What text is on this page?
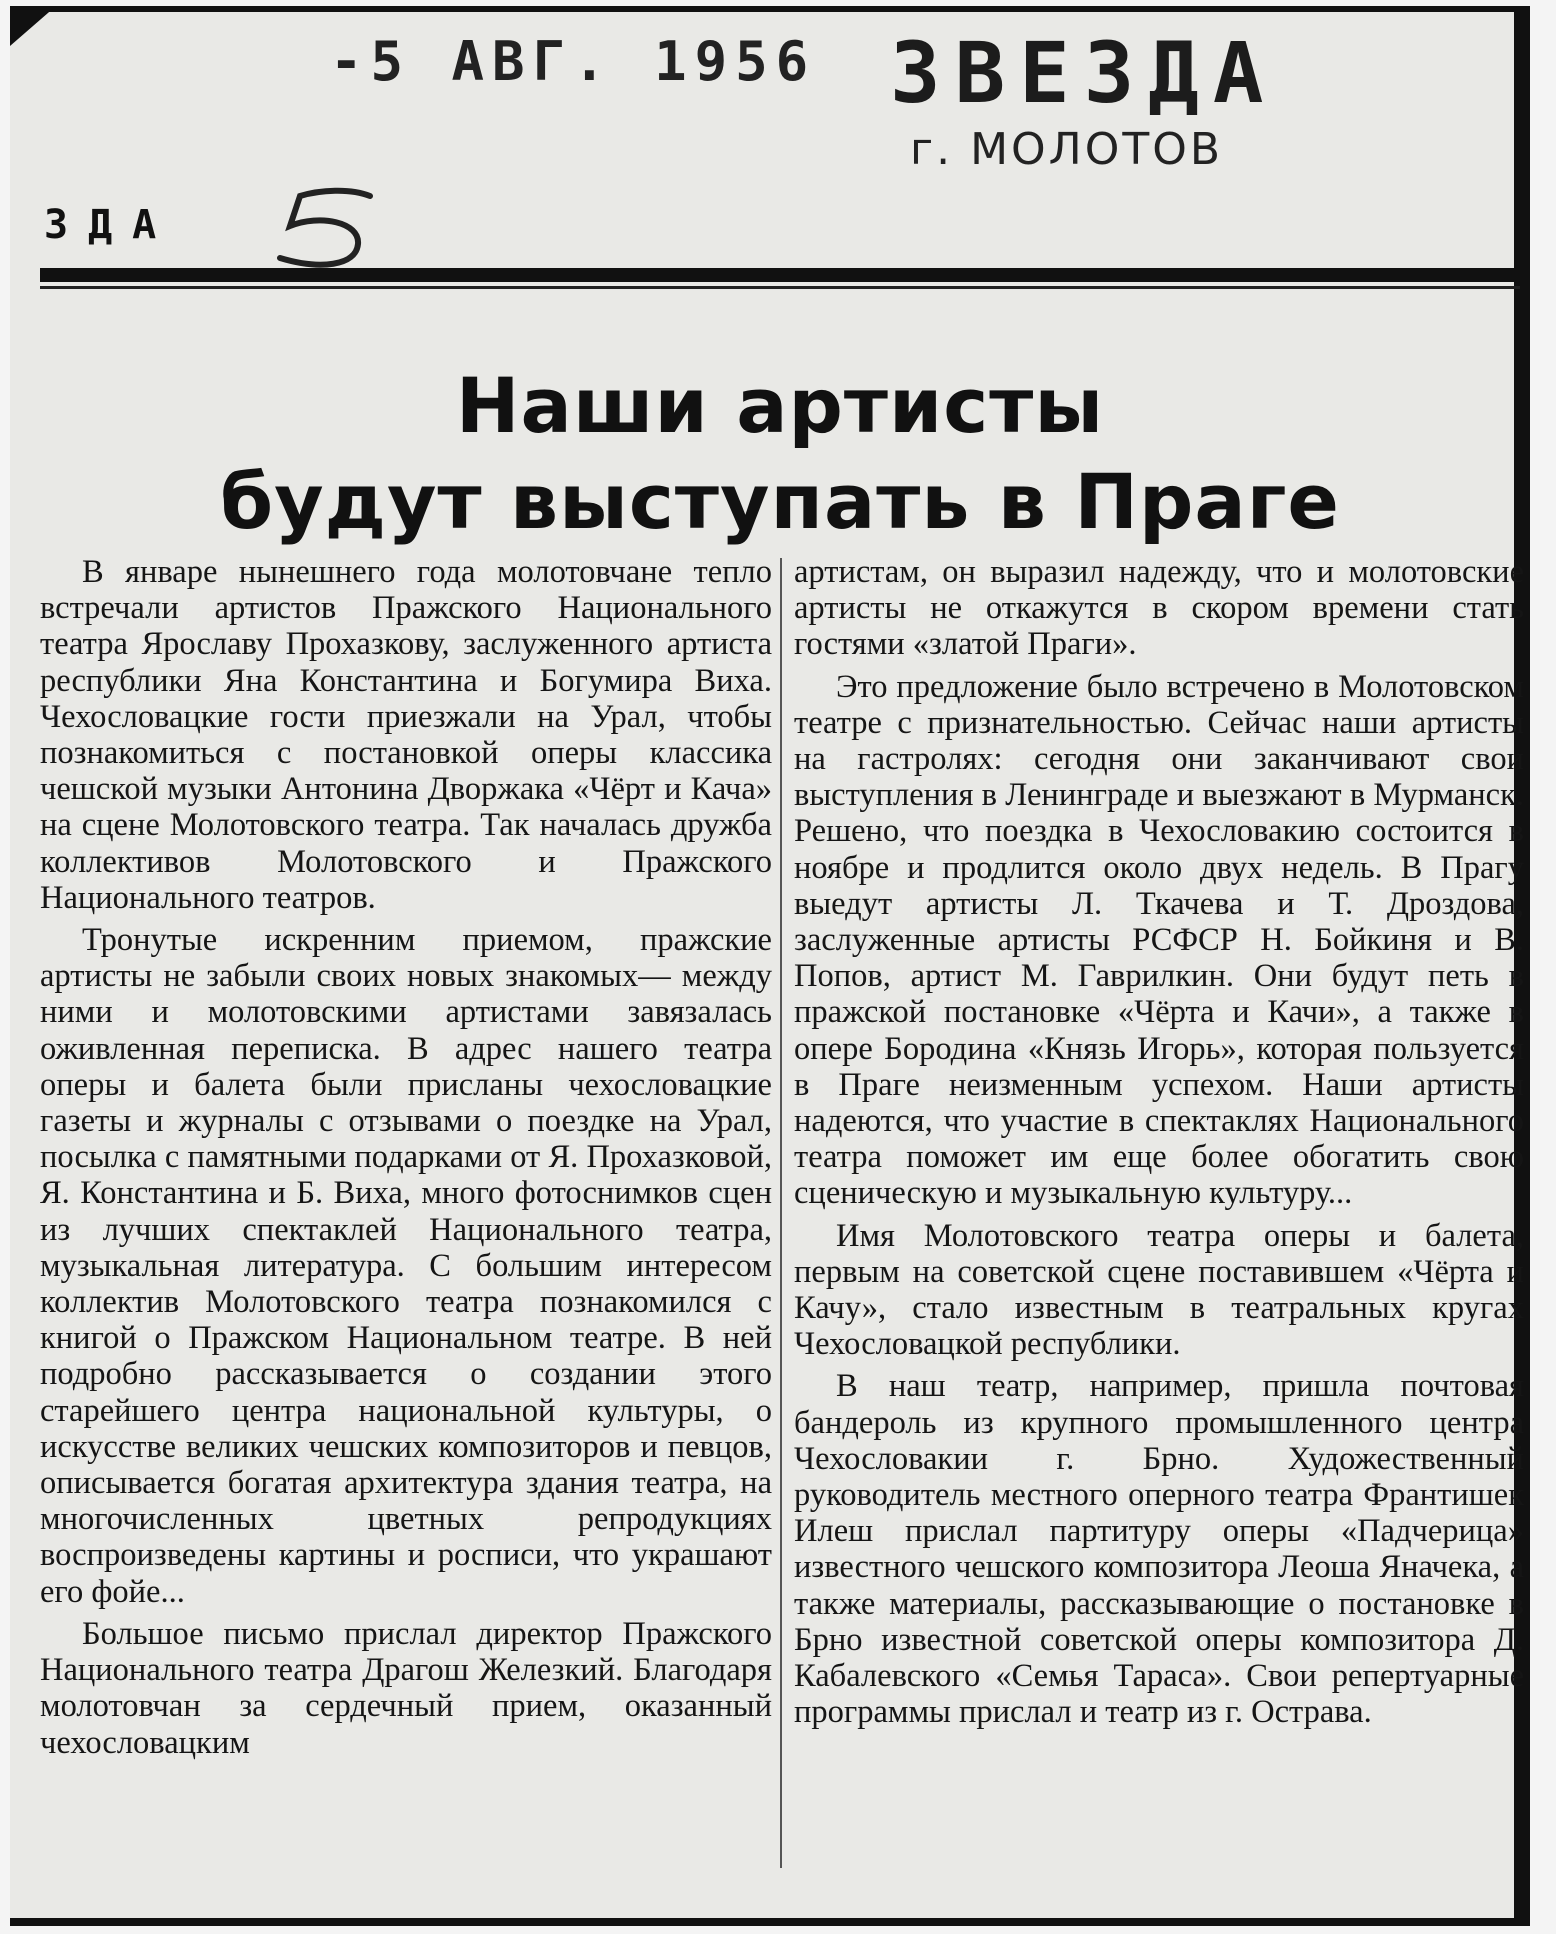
-5 АВГ. 1956 ЗВЕЗДА
г. МОЛОТОВ
ЗДА
Наши артисты
будут выступать в Праге

В январе нынешнего года молотовчане тепло встречали артистов Пражского Национального театра Ярославу Прохазкову, заслуженного артиста республики Яна Константина и Богумира Виха. Чехословацкие гости приезжали на Урал, чтобы познакомиться с постановкой оперы классика чешской музыки Антонина Дворжака «Чёрт и Кача» на сцене Молотовского театра. Так началась дружба коллективов Молотовского и Пражского Национального театров.

Тронутые искренним приемом, пражские артисты не забыли своих новых знакомых— между ними и молотовскими артистами завязалась оживленная переписка. В адрес нашего театра оперы и балета были присланы чехословацкие газеты и журналы с отзывами о поездке на Урал, посылка с памятными подарками от Я. Прохазковой, Я. Константина и Б. Виха, много фотоснимков сцен из лучших спектаклей Национального театра, музыкальная литература. С большим интересом коллектив Молотовского театра познакомился с книгой о Пражском Национальном театре. В ней подробно рассказывается о создании этого старейшего центра национальной культуры, о искусстве великих чешских композиторов и певцов, описывается богатая архитектура здания театра, на многочисленных цветных репродукциях воспроизведены картины и росписи, что украшают его фойе...

Большое письмо прислал директор Пражского Национального театра Драгош Железкий. Благодаря молотовчан за сердечный прием, оказанный чехословацким

артистам, он выразил надежду, что и молотовские артисты не откажутся в скором времени стать гостями «златой Праги».

Это предложение было встречено в Молотовском театре с признательностью. Сейчас наши артисты на гастролях: сегодня они заканчивают свои выступления в Ленинграде и выезжают в Мурманск. Решено, что поездка в Чехословакию состоится в ноябре и продлится около двух недель. В Прагу выедут артисты Л. Ткачева и Т. Дроздова, заслуженные артисты РСФСР Н. Бойкиня и В. Попов, артист М. Гаврилкин. Они будут петь в пражской постановке «Чёрта и Качи», а также в опере Бородина «Князь Игорь», которая пользуется в Праге неизменным успехом. Наши артисты надеются, что участие в спектаклях Национального театра поможет им еще более обогатить свою сценическую и музыкальную культуру...

Имя Молотовского театра оперы и балета, первым на советской сцене поставившем «Чёрта и Качу», стало известным в театральных кругах Чехословацкой республики.

В наш театр, например, пришла почтовая бандероль из крупного промышленного центра Чехословакии г. Брно. Художественный руководитель местного оперного театра Франтишек Илеш прислал партитуру оперы «Падчерица» известного чешского композитора Леоша Яначека, а также материалы, рассказывающие о постановке в Брно известной советской оперы композитора Д. Кабалевского «Семья Тараса». Свои репертуарные программы прислал и театр из г. Острава.
